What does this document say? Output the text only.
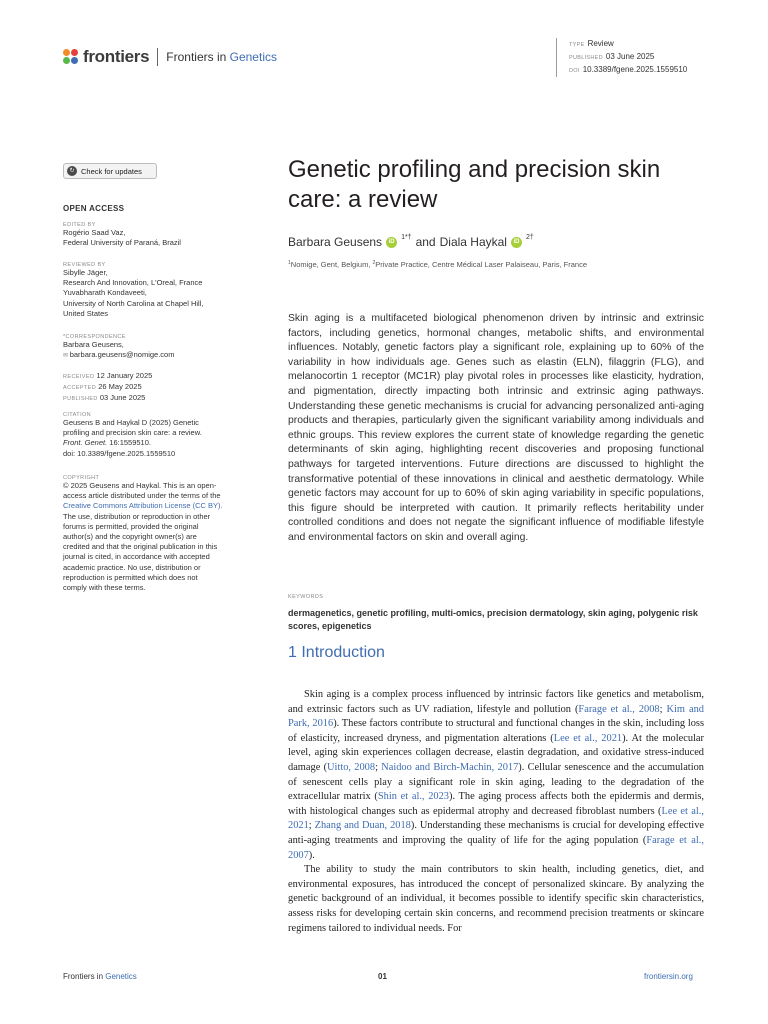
frontiers Frontiers in Genetics
TYPE Review
PUBLISHED 03 June 2025
DOI 10.3389/fgene.2025.1559510
↻ Check for updates
OPEN ACCESS
EDITED BY
Rogério Saad Vaz,
Federal University of Paraná, Brazil
REVIEWED BY
Sibylle Jäger,
Research And Innovation, L'Oreal, France
Yuvabharath Kondaveeti,
University of North Carolina at Chapel Hill,
United States
*CORRESPONDENCE
Barbara Geusens,
✉ barbara.geusens@nomige.com
RECEIVED 12 January 2025
ACCEPTED 26 May 2025
PUBLISHED 03 June 2025
CITATION
Geusens B and Haykal D (2025) Genetic
profiling and precision skin care: a review.
Front. Genet. 16:1559510.
doi: 10.3389/fgene.2025.1559510
COPYRIGHT
© 2025 Geusens and Haykal. This is an open-
access article distributed under the terms of the
Creative Commons Attribution License (CC BY).
The use, distribution or reproduction in other
forums is permitted, provided the original
author(s) and the copyright owner(s) are
credited and that the original publication in this
journal is cited, in accordance with accepted
academic practice. No use, distribution or
reproduction is permitted which does not
comply with these terms.
Genetic profiling and precision skin care: a review
Barbara Geusens	iD
1*† and Diala Haykal	iD
2†
$^1$Nomige, Gent, Belgium, $^2$Private Practice, Centre Médical Laser Palaiseau, Paris, France
Skin aging is a multifaceted biological phenomenon driven by intrinsic and extrinsic factors, including genetics, hormonal changes, metabolic shifts, and environmental influences. Notably, genetic factors play a significant role, explaining up to 60% of the variability in how individuals age. Genes such as elastin (ELN), filaggrin (FLG), and melanocortin 1 receptor (MC1R) play pivotal roles in processes like elasticity, hydration, and pigmentation, directly impacting both intrinsic and extrinsic aging pathways. Understanding these genetic mechanisms is crucial for advancing personalized anti-aging products and therapies, particularly given the significant variability among individuals and ethnic groups. This review explores the current state of knowledge regarding the genetic determinants of skin aging, highlighting recent discoveries and proposing functional pathways for targeted interventions. Future directions are discussed to highlight the transformative potential of these innovations in clinical and aesthetic dermatology. While genetic factors may account for up to 60% of skin aging variability in specific populations, this figure should be interpreted with caution. It primarily reflects heritability under controlled conditions and does not negate the significant influence of modifiable lifestyle and environmental factors on skin and overall aging.
KEYWORDS
dermagenetics, genetic profiling, multi-omics, precision dermatology, skin aging, polygenic risk scores, epigenetics
1 Introduction

Skin aging is a complex process influenced by intrinsic factors like genetics and metabolism, and extrinsic factors such as UV radiation, lifestyle and pollution (Farage et al., 2008; Kim and Park, 2016). These factors contribute to structural and functional changes in the skin, including loss of elasticity, increased dryness, and pigmentation alterations (Lee et al., 2021). At the molecular level, aging skin experiences collagen decrease, elastin degradation, and oxidative stress-induced damage (Uitto, 2008; Naidoo and Birch-Machin, 2017). Cellular senescence and the accumulation of senescent cells play a significant role in skin aging, leading to the degradation of the extracellular matrix (Shin et al., 2023). The aging process affects both the epidermis and dermis, with histological changes such as epidermal atrophy and decreased fibroblast numbers (Lee et al., 2021; Zhang and Duan, 2018). Understanding these mechanisms is crucial for developing effective anti-aging treatments and improving the quality of life for the aging population (Farage et al., 2007).

The ability to study the main contributors to skin health, including genetics, diet, and environmental exposures, has introduced the concept of personalized skincare. By analyzing the genetic background of an individual, it becomes possible to identify specific skin characteristics, assess risks for developing certain skin concerns, and recommend precision treatments or skincare regimens tailored to individual needs. For

Frontiers in Genetics	01	frontiersin.org
